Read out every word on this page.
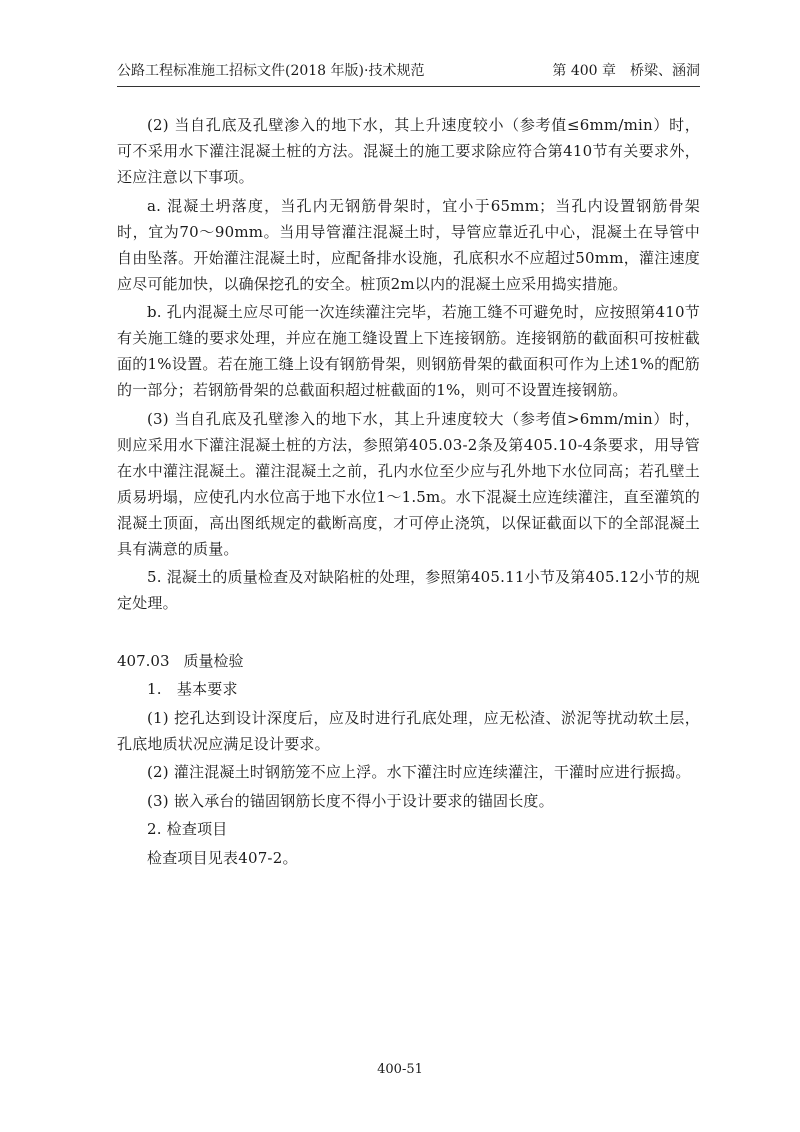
公路工程标准施工招标文件(2018 年版)·技术规范	第 400 章　桥梁、涵洞

(2) 当自孔底及孔壁渗入的地下水，其上升速度较小（参考值≤6mm/min）时，可不采用水下灌注混凝土桩的方法。混凝土的施工要求除应符合第410节有关要求外，还应注意以下事项。

a. 混凝土坍落度，当孔内无钢筋骨架时，宜小于65mm；当孔内设置钢筋骨架时，宜为70～90mm。当用导管灌注混凝土时，导管应靠近孔中心，混凝土在导管中自由坠落。开始灌注混凝土时，应配备排水设施，孔底积水不应超过50mm，灌注速度应尽可能加快，以确保挖孔的安全。桩顶2m以内的混凝土应采用捣实措施。

b. 孔内混凝土应尽可能一次连续灌注完毕，若施工缝不可避免时，应按照第410节有关施工缝的要求处理，并应在施工缝设置上下连接钢筋。连接钢筋的截面积可按桩截面的1%设置。若在施工缝上设有钢筋骨架，则钢筋骨架的截面积可作为上述1%的配筋的一部分；若钢筋骨架的总截面积超过桩截面的1%，则可不设置连接钢筋。

(3) 当自孔底及孔壁渗入的地下水，其上升速度较大（参考值>6mm/min）时，则应采用水下灌注混凝土桩的方法，参照第405.03-2条及第405.10-4条要求，用导管在水中灌注混凝土。灌注混凝土之前，孔内水位至少应与孔外地下水位同高；若孔壁土质易坍塌，应使孔内水位高于地下水位1～1.5m。水下混凝土应连续灌注，直至灌筑的混凝土顶面，高出图纸规定的截断高度，才可停止浇筑，以保证截面以下的全部混凝土具有满意的质量。

5. 混凝土的质量检查及对缺陷桩的处理，参照第405.11小节及第405.12小节的规定处理。

407.03 质量检验

1.　基本要求

(1) 挖孔达到设计深度后，应及时进行孔底处理，应无松渣、淤泥等扰动软土层，孔底地质状况应满足设计要求。

(2) 灌注混凝土时钢筋笼不应上浮。水下灌注时应连续灌注，干灌时应进行振捣。

(3) 嵌入承台的锚固钢筋长度不得小于设计要求的锚固长度。

2. 检查项目

检查项目见表407-2。

400-51
